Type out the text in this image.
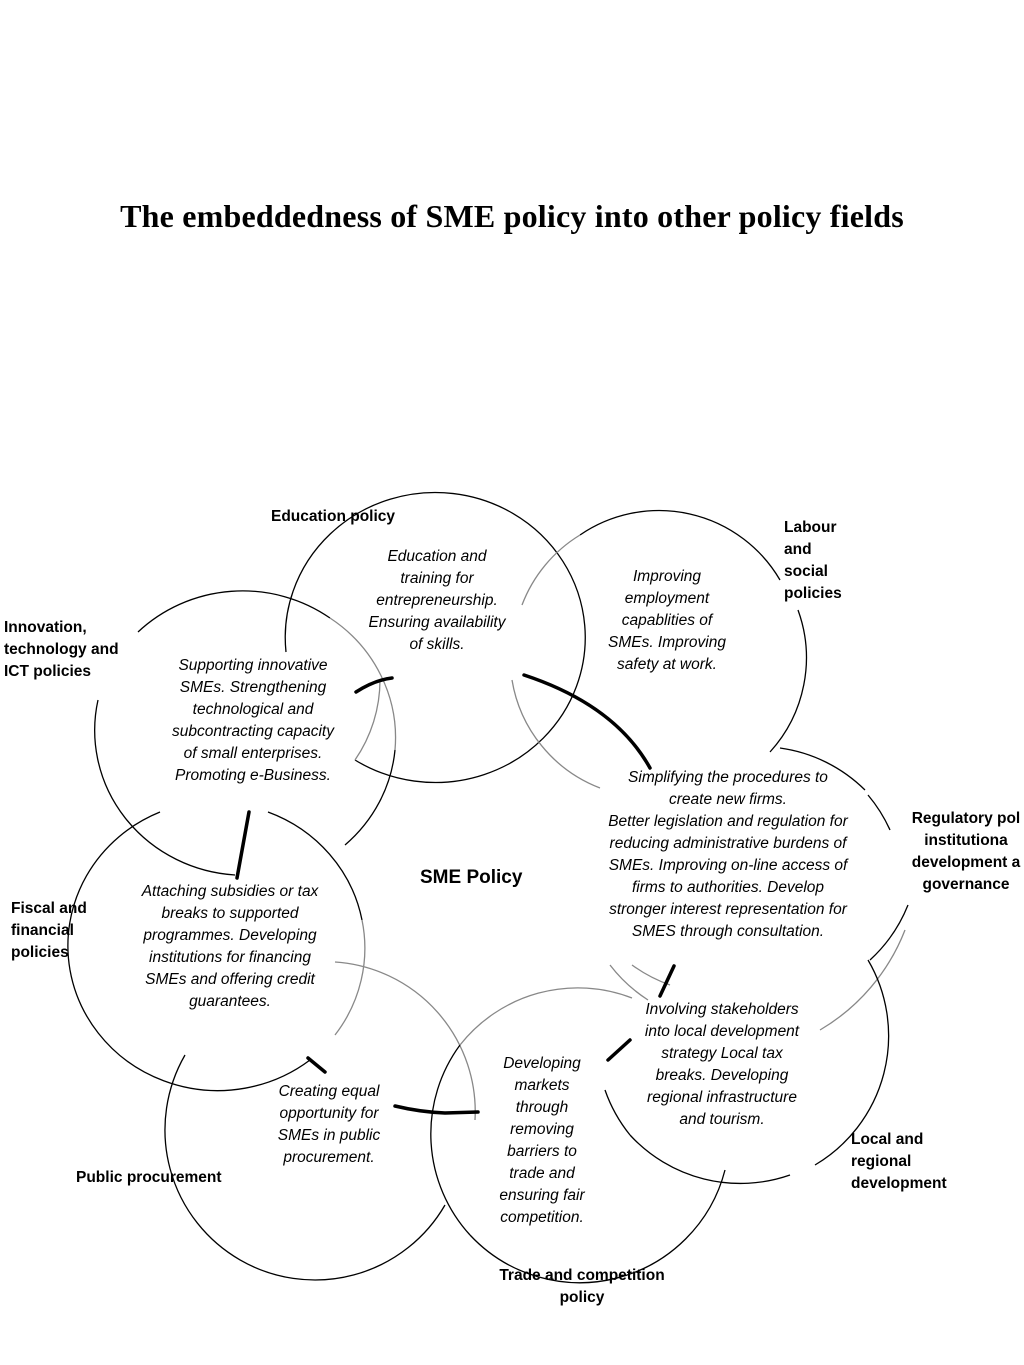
The embeddedness of SME policy into other policy fields
SME Policy
Education policy
Labour
and
social
policies
Innovation,
technology and
ICT policies
Regulatory pol
institutiona
development a
governance
Fiscal and
financial
policies
Local and
regional
development
Public procurement
Trade and competition
policy
Education and
training for
entrepreneurship.
Ensuring availability
of skills.
Improving
employment
capablities of
SMEs. Improving
safety at work.
Supporting innovative
SMEs. Strengthening
technological and
subcontracting capacity
of small enterprises.
Promoting e-Business.	Simplifying the procedures to
create new firms.
Better legislation and regulation for
reducing administrative burdens of
SMEs. Improving on-line access of
firms to authorities. Develop
stronger interest representation for
SMES through consultation.
Attaching subsidies or tax
breaks to supported
programmes. Developing
institutions for financing
SMEs and offering credit
guarantees.	Involving stakeholders
into local development
strategy Local tax
breaks. Developing
regional infrastructure
and tourism.
Creating equal
opportunity for
SMEs in public
procurement.
Developing
markets
through
removing
barriers to
trade and
ensuring fair
competition.
